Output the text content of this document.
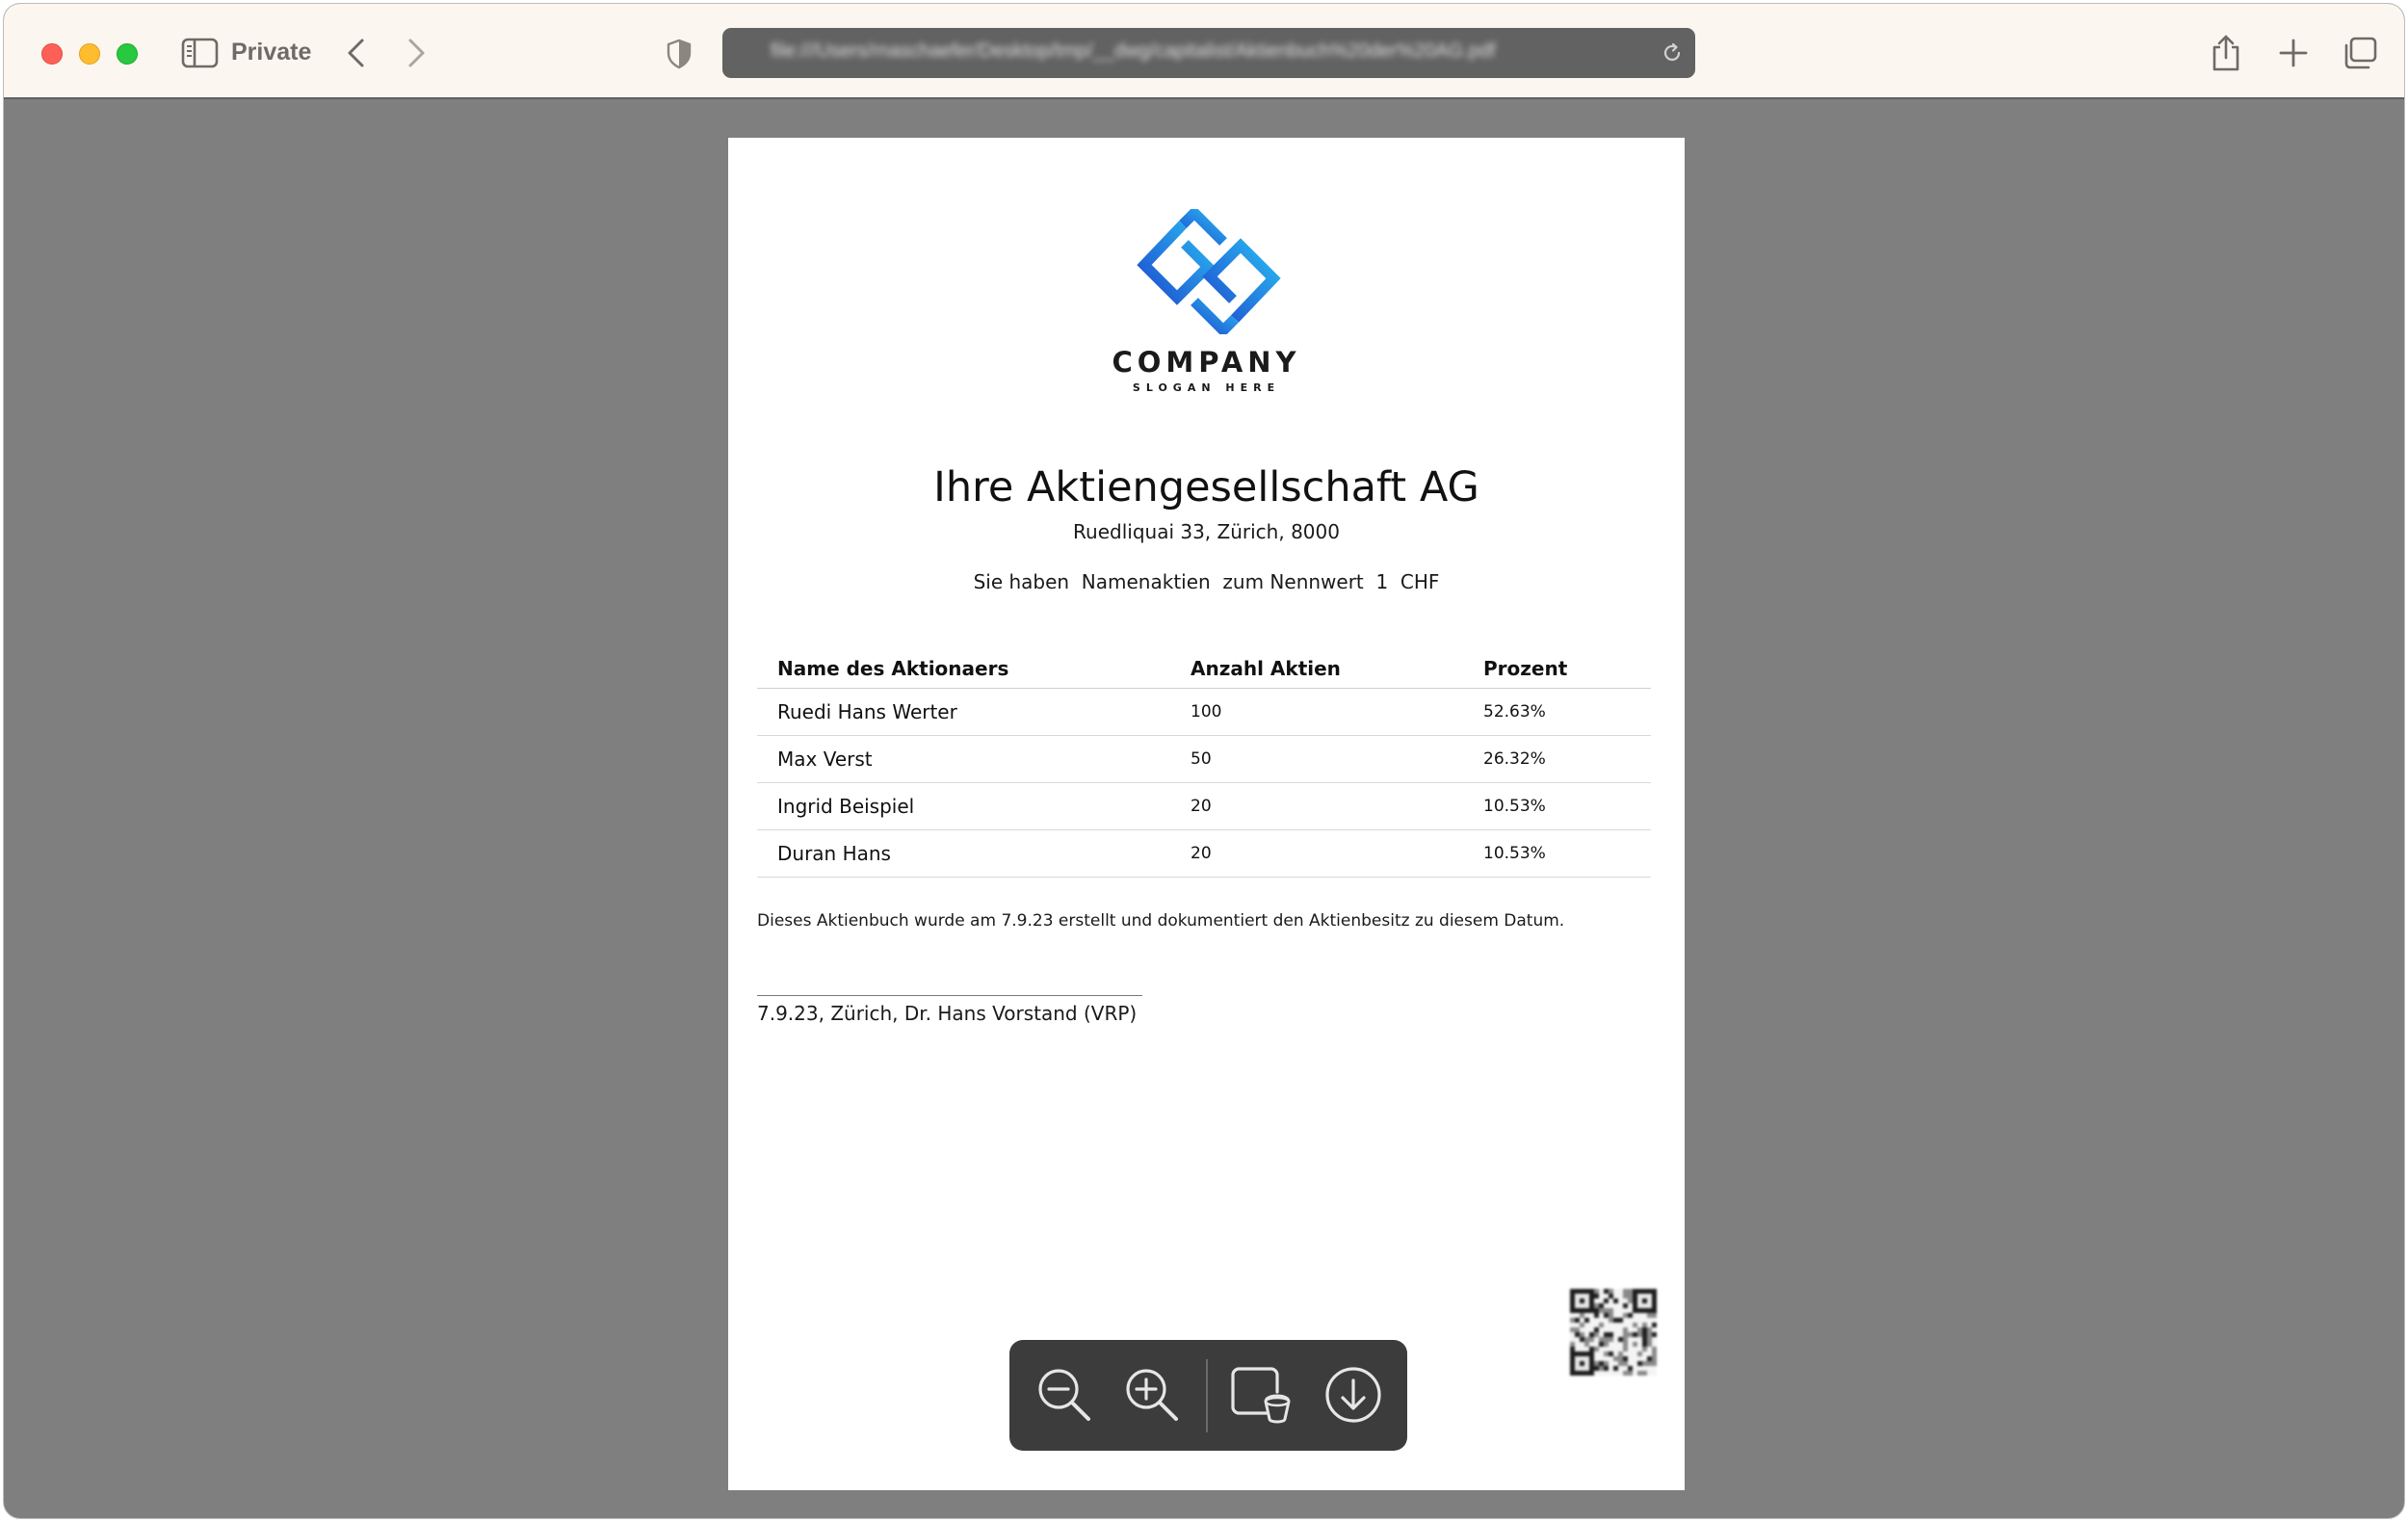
Private	file:///Users/rnaschaefer/Desktop/tmp/__dwg/capitalist/Aktienbuch%20der%20AG.pdf
COMPANY
SLOGAN HERE
Ihre Aktiengesellschaft AG
Ruedliquai 33, Zürich, 8000
Sie haben  Namenaktien  zum Nennwert  1  CHF
Name des Aktionaers	Anzahl Aktien	Prozent
Ruedi Hans Werter	100	52.63%
Max Verst	50	26.32%
Ingrid Beispiel	20	10.53%
Duran Hans	20	10.53%
Dieses Aktienbuch wurde am 7.9.23 erstellt und dokumentiert den Aktienbesitz zu diesem Datum.
7.9.23, Zürich, Dr. Hans Vorstand (VRP)
